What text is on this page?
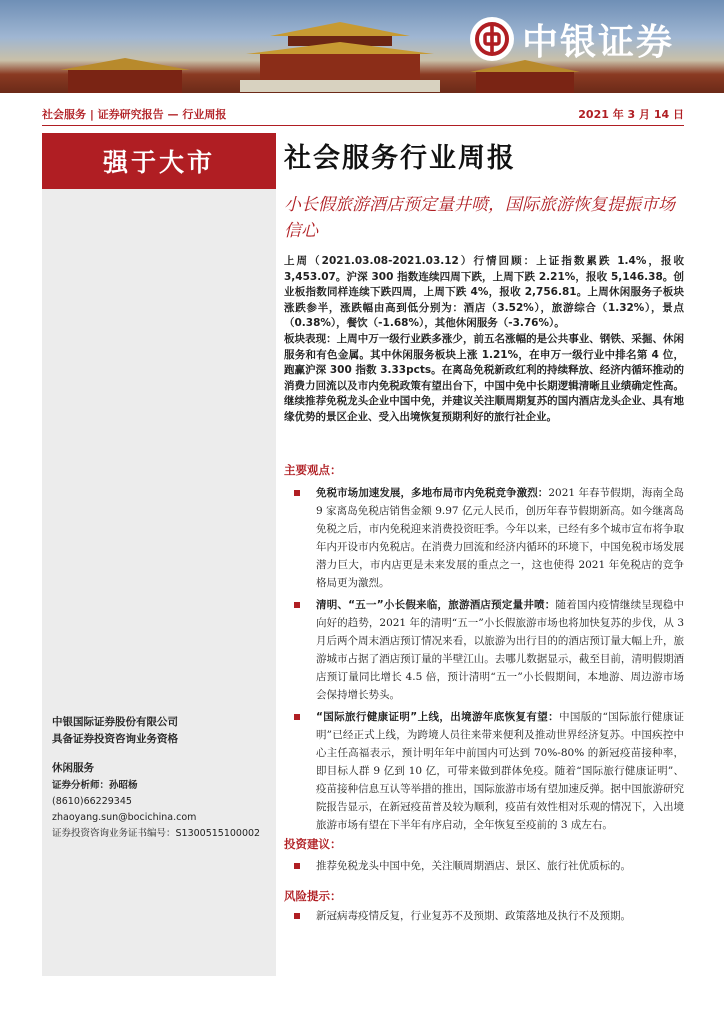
中银证券
社会服务 | 证券研究报告 — 行业周报	2021 年 3 月 14 日
强于大市	社会服务行业周报
小长假旅游酒店预定量井喷，国际旅游恢复提振市场信心

上周（2021.03.08-2021.03.12）行情回顾：上证指数累跌 1.4%，报收 3,453.07。沪深 300 指数连续四周下跌，上周下跌 2.21%，报收 5,146.38。创业板指数同样连续下跌四周，上周下跌 4%，报收 2,756.81。上周休闲服务子板块涨跌参半，涨跌幅由高到低分别为：酒店（3.52%），旅游综合（1.32%），景点（0.38%），餐饮（-1.68%），其他休闲服务（-3.76%）。

板块表现：上周中万一级行业跌多涨少，前五名涨幅的是公共事业、钢铁、采掘、休闲服务和有色金属。其中休闲服务板块上涨 1.21%，在申万一级行业中排名第 4 位，跑赢沪深 300 指数 3.33pcts。在离岛免税新政红利的持续释放、经济内循环推动的消费力回流以及市内免税政策有望出台下，中国中免中长期逻辑清晰且业绩确定性高。继续推荐免税龙头企业中国中免，并建议关注顺周期复苏的国内酒店龙头企业、具有地缘优势的景区企业、受入出境恢复预期利好的旅行社企业。

主要观点：
免税市场加速发展，多地布局市内免税竞争激烈：2021 年春节假期，海南全岛 9 家离岛免税店销售金额 9.97 亿元人民币，创历年春节假期新高。如今继离岛免税之后，市内免税迎来消费投资旺季。今年以来，已经有多个城市宣布将争取年内开设市内免税店。在消费力回流和经济内循环的环境下，中国免税市场发展潜力巨大，市内店更是未来发展的重点之一，这也使得 2021 年免税店的竞争格局更为激烈。
清明、“五一”小长假来临，旅游酒店预定量井喷：随着国内疫情继续呈现稳中向好的趋势，2021 年的清明“五一”小长假旅游市场也将加快复苏的步伐，从 3 月后两个周末酒店预订情况来看，以旅游为出行目的的酒店预订量大幅上升，旅游城市占据了酒店预订量的半壁江山。去哪儿数据显示，截至目前，清明假期酒店预订量同比增长 4.5 倍，预计清明“五一”小长假期间，本地游、周边游市场会保持增长势头。
“国际旅行健康证明”上线，出境游年底恢复有望：中国版的“国际旅行健康证明”已经正式上线，为跨境人员往来带来便利及推动世界经济复苏。中国疾控中心主任高福表示，预计明年年中前国内可达到 70%-80% 的新冠疫苗接种率，即目标人群 9 亿到 10 亿，可带来做到群体免疫。随着“国际旅行健康证明”、疫苗接种信息互认等举措的推出，国际旅游市场有望加速反弹。据中国旅游研究院报告显示，在新冠疫苗普及较为顺利，疫苗有效性相对乐观的情况下，入出境旅游市场有望在下半年有序启动，全年恢复至疫前的 3 成左右。
投资建议：
推荐免税龙头中国中免，关注顺周期酒店、景区、旅行社优质标的。
风险提示：
新冠病毒疫情反复，行业复苏不及预期、政策落地及执行不及预期。
中银国际证券股份有限公司
具备证券投资咨询业务资格
休闲服务
证券分析师：孙昭杨
(8610)66229345
zhaoyang.sun@bocichina.com
证券投资咨询业务证书编号：S1300515100002
